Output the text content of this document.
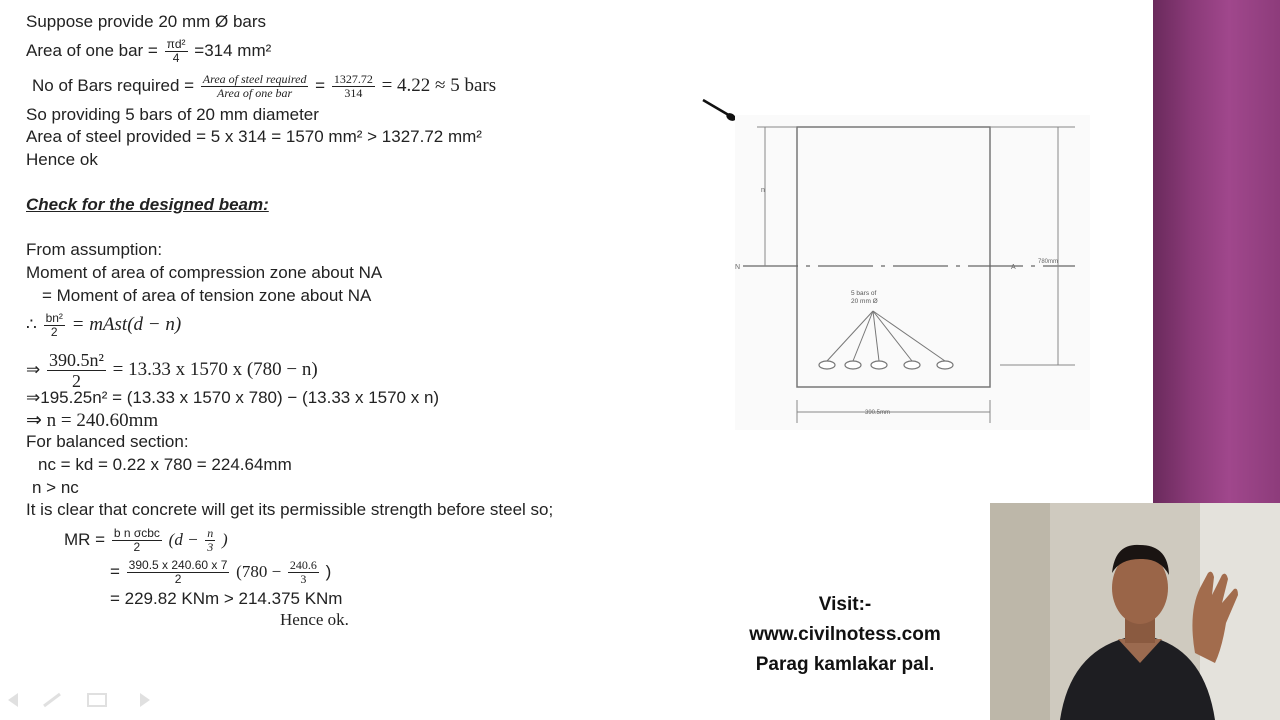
Suppose provide 20 mm Ø bars
Area of one bar = $\frac{\text{πd²}}{4} =314$ mm²
No of Bars required = $\frac{\text{Area of steel required}}{\text{Area of one bar}} = \frac{1327.72}{314} = 4.22 \approx 5$ bars
So providing 5 bars of 20 mm diameter
Area of steel provided = 5 x 314 = 1570 mm² > 1327.72 mm²
Hence ok
Check for the designed beam:
From assumption:
Moment of area of compression zone about NA
= Moment of area of tension zone about NA
∴ $\frac{\text{bn²}}{2}$ = mAst(d − n)
⇒ $\frac{\text{390.5n²}}{2} = 13.33$ x 1570 x (780 − n)
⇒195.25n² = (13.33 x 1570 x 780) − (13.33 x 1570 x n)
⇒ n = 240.60mm
For balanced section:
nc = kd = 0.22 x 780 = 224.64mm
n > nc
It is clear that concrete will get its permissible strength before steel so;
MR = $\frac{\text{b n σcbc}}{2} (d - \frac{n}{3}$ )
= $\frac{390.5 x 240.60 x 7}{2} (780 - \frac{240.6}{3}$ )
= 229.82 KNm > 214.375 KNm
Hence ok.
n
N	A
780mm
5 bars of
20 mm Ø
390.5mm
Visit:-
www.civilnotess.com
Parag kamlakar pal.
